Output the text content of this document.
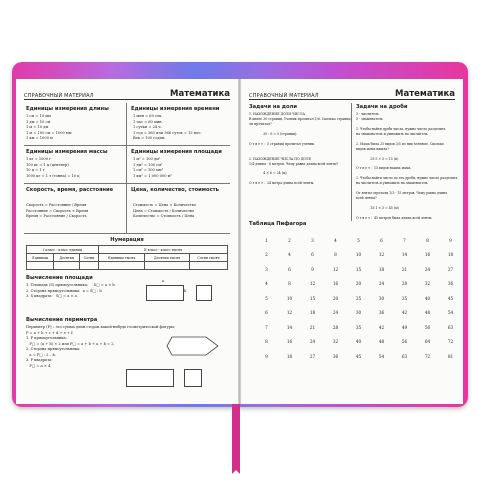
СПРАВОЧНЫЙ МАТЕРИАЛ	Математика
Единицы измерения длины
1 см = 10 мм
1 дм = 10 см
1 м = 10 дм
1 м = 100 см = 1000 мм
1 км = 1000 м
Единицы измерения времени
1 мин = 60 сек.
1 час = 60 мин.
1 сутки = 24 ч.
1 год = 365 или 366 суток = 12 мес.
Век = 100 годам
Единицы измерения массы
1 кг = 1000 г
100 кг = 1 ц (центнер)
10 ц = 1 т
1000 кг = 1 т (тонна) = 10 ц
Единицы измерения площади
1 м² = 100 дм²
1 дм² = 100 см²
1 см² = 100 мм²
1 км² = 1 000 000 м²
Скорость, время, расстояние
Скорость = Расстояние / Время
Расстояние = Скорость × Время
Время = Расстояние / Скорость
Цена, количество, стоимость
Стоимость = Цена × Количество
Цена = Стоимость / Количество
Количество = Стоимость / Цена
Нумерация
I класс - класс единиц			II класс - класс тысяч		
Единицы	Десятки	Сотни	Единицы тысяч	Десятки тысяч	Сотни тысяч

Вычисление площади
1. Площадь (S) прямоугольника:     S□ = a × b
2. Сторона прямоугольника:  a = S□ : b
3. S квадрата:   S□ = a × a
a
b
Вычисление периметра
Периметр (P) – это сумма длин сторон какой-нибудь геометрической фигуры:
P = a + b + c + d + e + f.
1. P прямоугольника:
P□ = (a + b) × 2 или P□ = a + b + a + b = 2.
2. Сторона прямоугольника:
a = P□ : 2 – b.
3. P квадрата:
P□ = a × 4.
СПРАВОЧНЫЙ МАТЕРИАЛ	Математика
Задачи на доли
1. НАХОЖДЕНИЕ ДОЛИ ЧИСЛА
В книге 30 страниц. Ученик прочитал 1/6. Сколько страниц
он прочитал?

30 : 6 = 5 (страниц).

О т в е т :  5 страниц прочитал ученик.

2. НАХОЖДЕНИЕ ЧИСЛА ПО ДОЛЕ
1/4 длины - 6 метров. Чему равна длина всей ленты?

4 × 6 = 24 (м)

О т в е т :  24 метра длина всей ленты.
Задачи на дроби
3 - числитель
5 - знаменатель

1. Чтобы найти дробь числа, нужно число разделить
на знаменатель и умножить на числитель.

2. Мама была 25 видов 3/5 из них зеленые. Сколько
видов мама нашла?

25:5 × 3 = 15 (к)

О т в е т :  15 видов нашла мама.

2. Чтобы найти число по его дроби, нужно число разделить
на числитель и умножить на знаменатель.

От ленты отрезали 1/3 - 15 метров. Чему равна длина
всей ленты?

15:1 × 3 = 45 (м)

О т в е т :  45 метров была длина всей ленты.
Таблица Пифагора
1	2	3	4	5	6	7	8	9
2	4	6	8	10	12	14	16	18
3	6	9	12	15	18	21	24	27
4	8	12	16	20	24	28	32	36
5	10	15	20	25	30	35	40	45
6	12	18	24	30	36	42	48	54
7	14	21	28	35	42	49	56	63
8	16	24	32	40	48	56	64	72
9	18	27	36	45	54	63	72	81
